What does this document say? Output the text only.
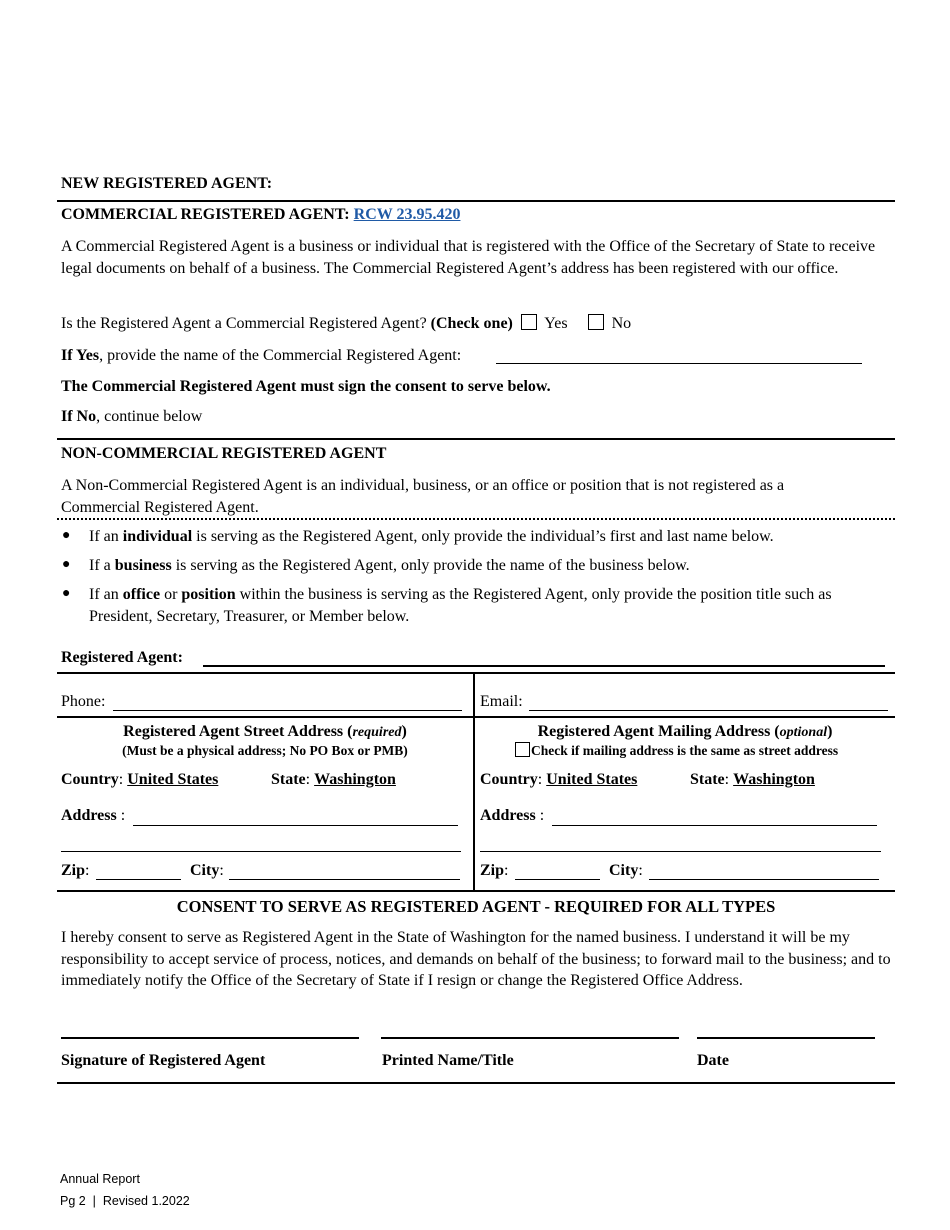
NEW REGISTERED AGENT:
COMMERCIAL REGISTERED AGENT: RCW 23.95.420
A Commercial Registered Agent is a business or individual that is registered with the Office of the Secretary of State to receive legal documents on behalf of a business. The Commercial Registered Agent’s address has been registered with our office.
Is the Registered Agent a Commercial Registered Agent? (Check one) Yes	No
If Yes, provide the name of the Commercial Registered Agent:
The Commercial Registered Agent must sign the consent to serve below.
If No, continue below
NON-COMMERCIAL REGISTERED AGENT
A Non-Commercial Registered Agent is an individual, business, or an office or position that is not registered as a Commercial Registered Agent.
● If an individual is serving as the Registered Agent, only provide the individual’s first and last name below.
● If a business is serving as the Registered Agent, only provide the name of the business below.
● If an office or position within the business is serving as the Registered Agent, only provide the position title such as President, Secretary, Treasurer, or Member below.
Registered Agent:
Phone:	Email:
Registered Agent Street Address (required)
(Must be a physical address; No PO Box or PMB)
Country: United States	State: Washington
Address :
Zip:	City:
Registered Agent Mailing Address (optional)
Check if mailing address is the same as street address
Country: United States	State: Washington
Address :
Zip:	City:
CONSENT TO SERVE AS REGISTERED AGENT - REQUIRED FOR ALL TYPES
I hereby consent to serve as Registered Agent in the State of Washington for the named business. I understand it will be my responsibility to accept service of process, notices, and demands on behalf of the business; to forward mail to the business; and to immediately notify the Office of the Secretary of State if I resign or change the Registered Office Address.
Signature of Registered Agent	Printed Name/Title	Date
Annual Report
Pg 2  |  Revised 1.2022
